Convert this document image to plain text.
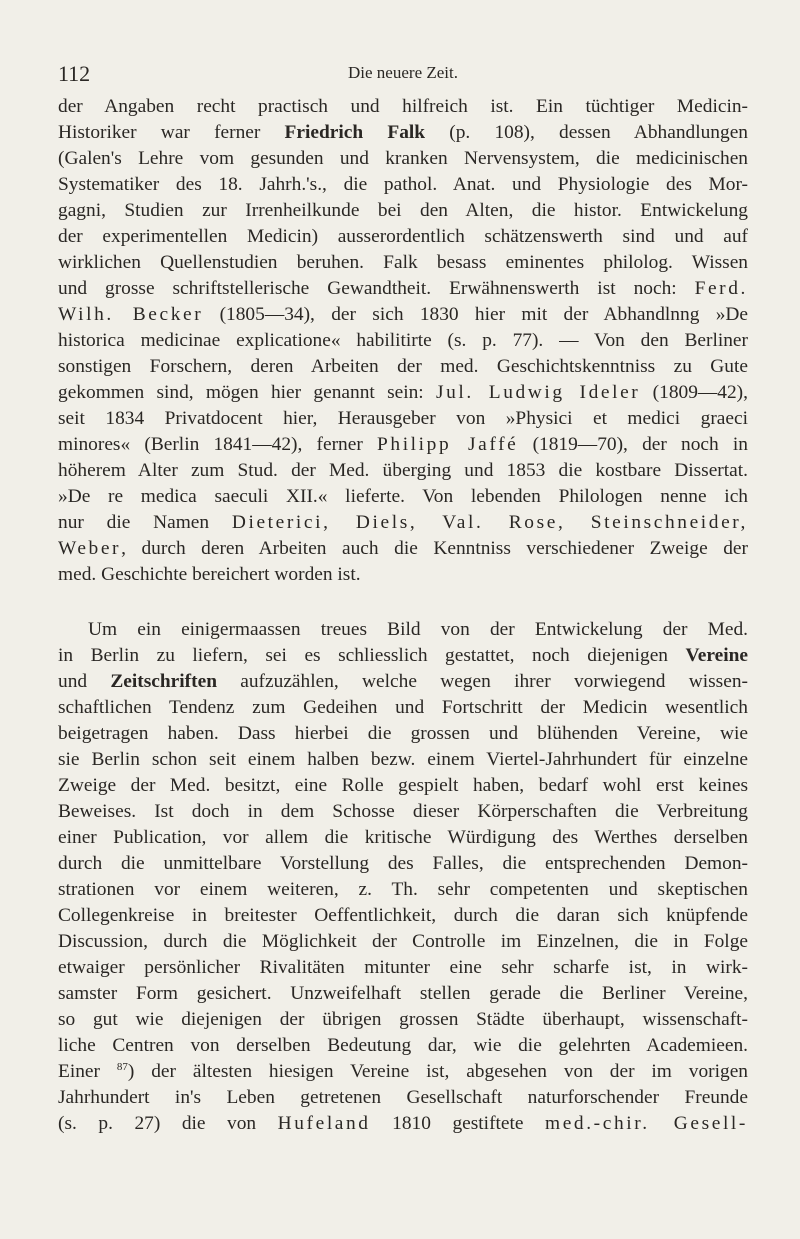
112	Die neuere Zeit.

der Angaben recht practisch und hilfreich ist. Ein tüchtiger Medicin-
Historiker war ferner Friedrich Falk (p. 108), dessen Abhandlungen
(Galen's Lehre vom gesunden und kranken Nervensystem, die medicinischen
Systematiker des 18. Jahrh.'s., die pathol. Anat. und Physiologie des Mor-
gagni, Studien zur Irrenheilkunde bei den Alten, die histor. Entwickelung
der experimentellen Medicin) ausserordentlich schätzenswerth sind und auf
wirklichen Quellenstudien beruhen. Falk besass eminentes philolog. Wissen
und grosse schriftstellerische Gewandtheit. Erwähnenswerth ist noch: Ferd.
Wilh. Becker (1805—34), der sich 1830 hier mit der Abhandlnng »De
historica medicinae explicatione« habilitirte (s. p. 77). — Von den Berliner
sonstigen Forschern, deren Arbeiten der med. Geschichtskenntniss zu Gute
gekommen sind, mögen hier genannt sein: Jul. Ludwig Ideler (1809—42),
seit 1834 Privatdocent hier, Herausgeber von »Physici et medici graeci
minores« (Berlin 1841—42), ferner Philipp Jaffé (1819—70), der noch in
höherem Alter zum Stud. der Med. überging und 1853 die kostbare Dissertat.
»De re medica saeculi XII.« lieferte. Von lebenden Philologen nenne ich
nur die Namen Dieterici, Diels, Val. Rose, Steinschneider,
Weber, durch deren Arbeiten auch die Kenntniss verschiedener Zweige der
med. Geschichte bereichert worden ist.

Um ein einigermaassen treues Bild von der Entwickelung der Med.
in Berlin zu liefern, sei es schliesslich gestattet, noch diejenigen Vereine
und Zeitschriften aufzuzählen, welche wegen ihrer vorwiegend wissen-
schaftlichen Tendenz zum Gedeihen und Fortschritt der Medicin wesentlich
beigetragen haben. Dass hierbei die grossen und blühenden Vereine, wie
sie Berlin schon seit einem halben bezw. einem Viertel-Jahrhundert für einzelne
Zweige der Med. besitzt, eine Rolle gespielt haben, bedarf wohl erst keines
Beweises. Ist doch in dem Schosse dieser Körperschaften die Verbreitung
einer Publication, vor allem die kritische Würdigung des Werthes derselben
durch die unmittelbare Vorstellung des Falles, die entsprechenden Demon-
strationen vor einem weiteren, z. Th. sehr competenten und skeptischen
Collegenkreise in breitester Oeffentlichkeit, durch die daran sich knüpfende
Discussion, durch die Möglichkeit der Controlle im Einzelnen, die in Folge
etwaiger persönlicher Rivalitäten mitunter eine sehr scharfe ist, in wirk-
samster Form gesichert. Unzweifelhaft stellen gerade die Berliner Vereine,
so gut wie diejenigen der übrigen grossen Städte überhaupt, wissenschaft-
liche Centren von derselben Bedeutung dar, wie die gelehrten Academieen.
Einer $^{87}$) der ältesten hiesigen Vereine ist, abgesehen von der im vorigen
Jahrhundert in's Leben getretenen Gesellschaft naturforschender Freunde
(s. p. 27) die von Hufeland 1810 gestiftete med.-chir. Gesell-
